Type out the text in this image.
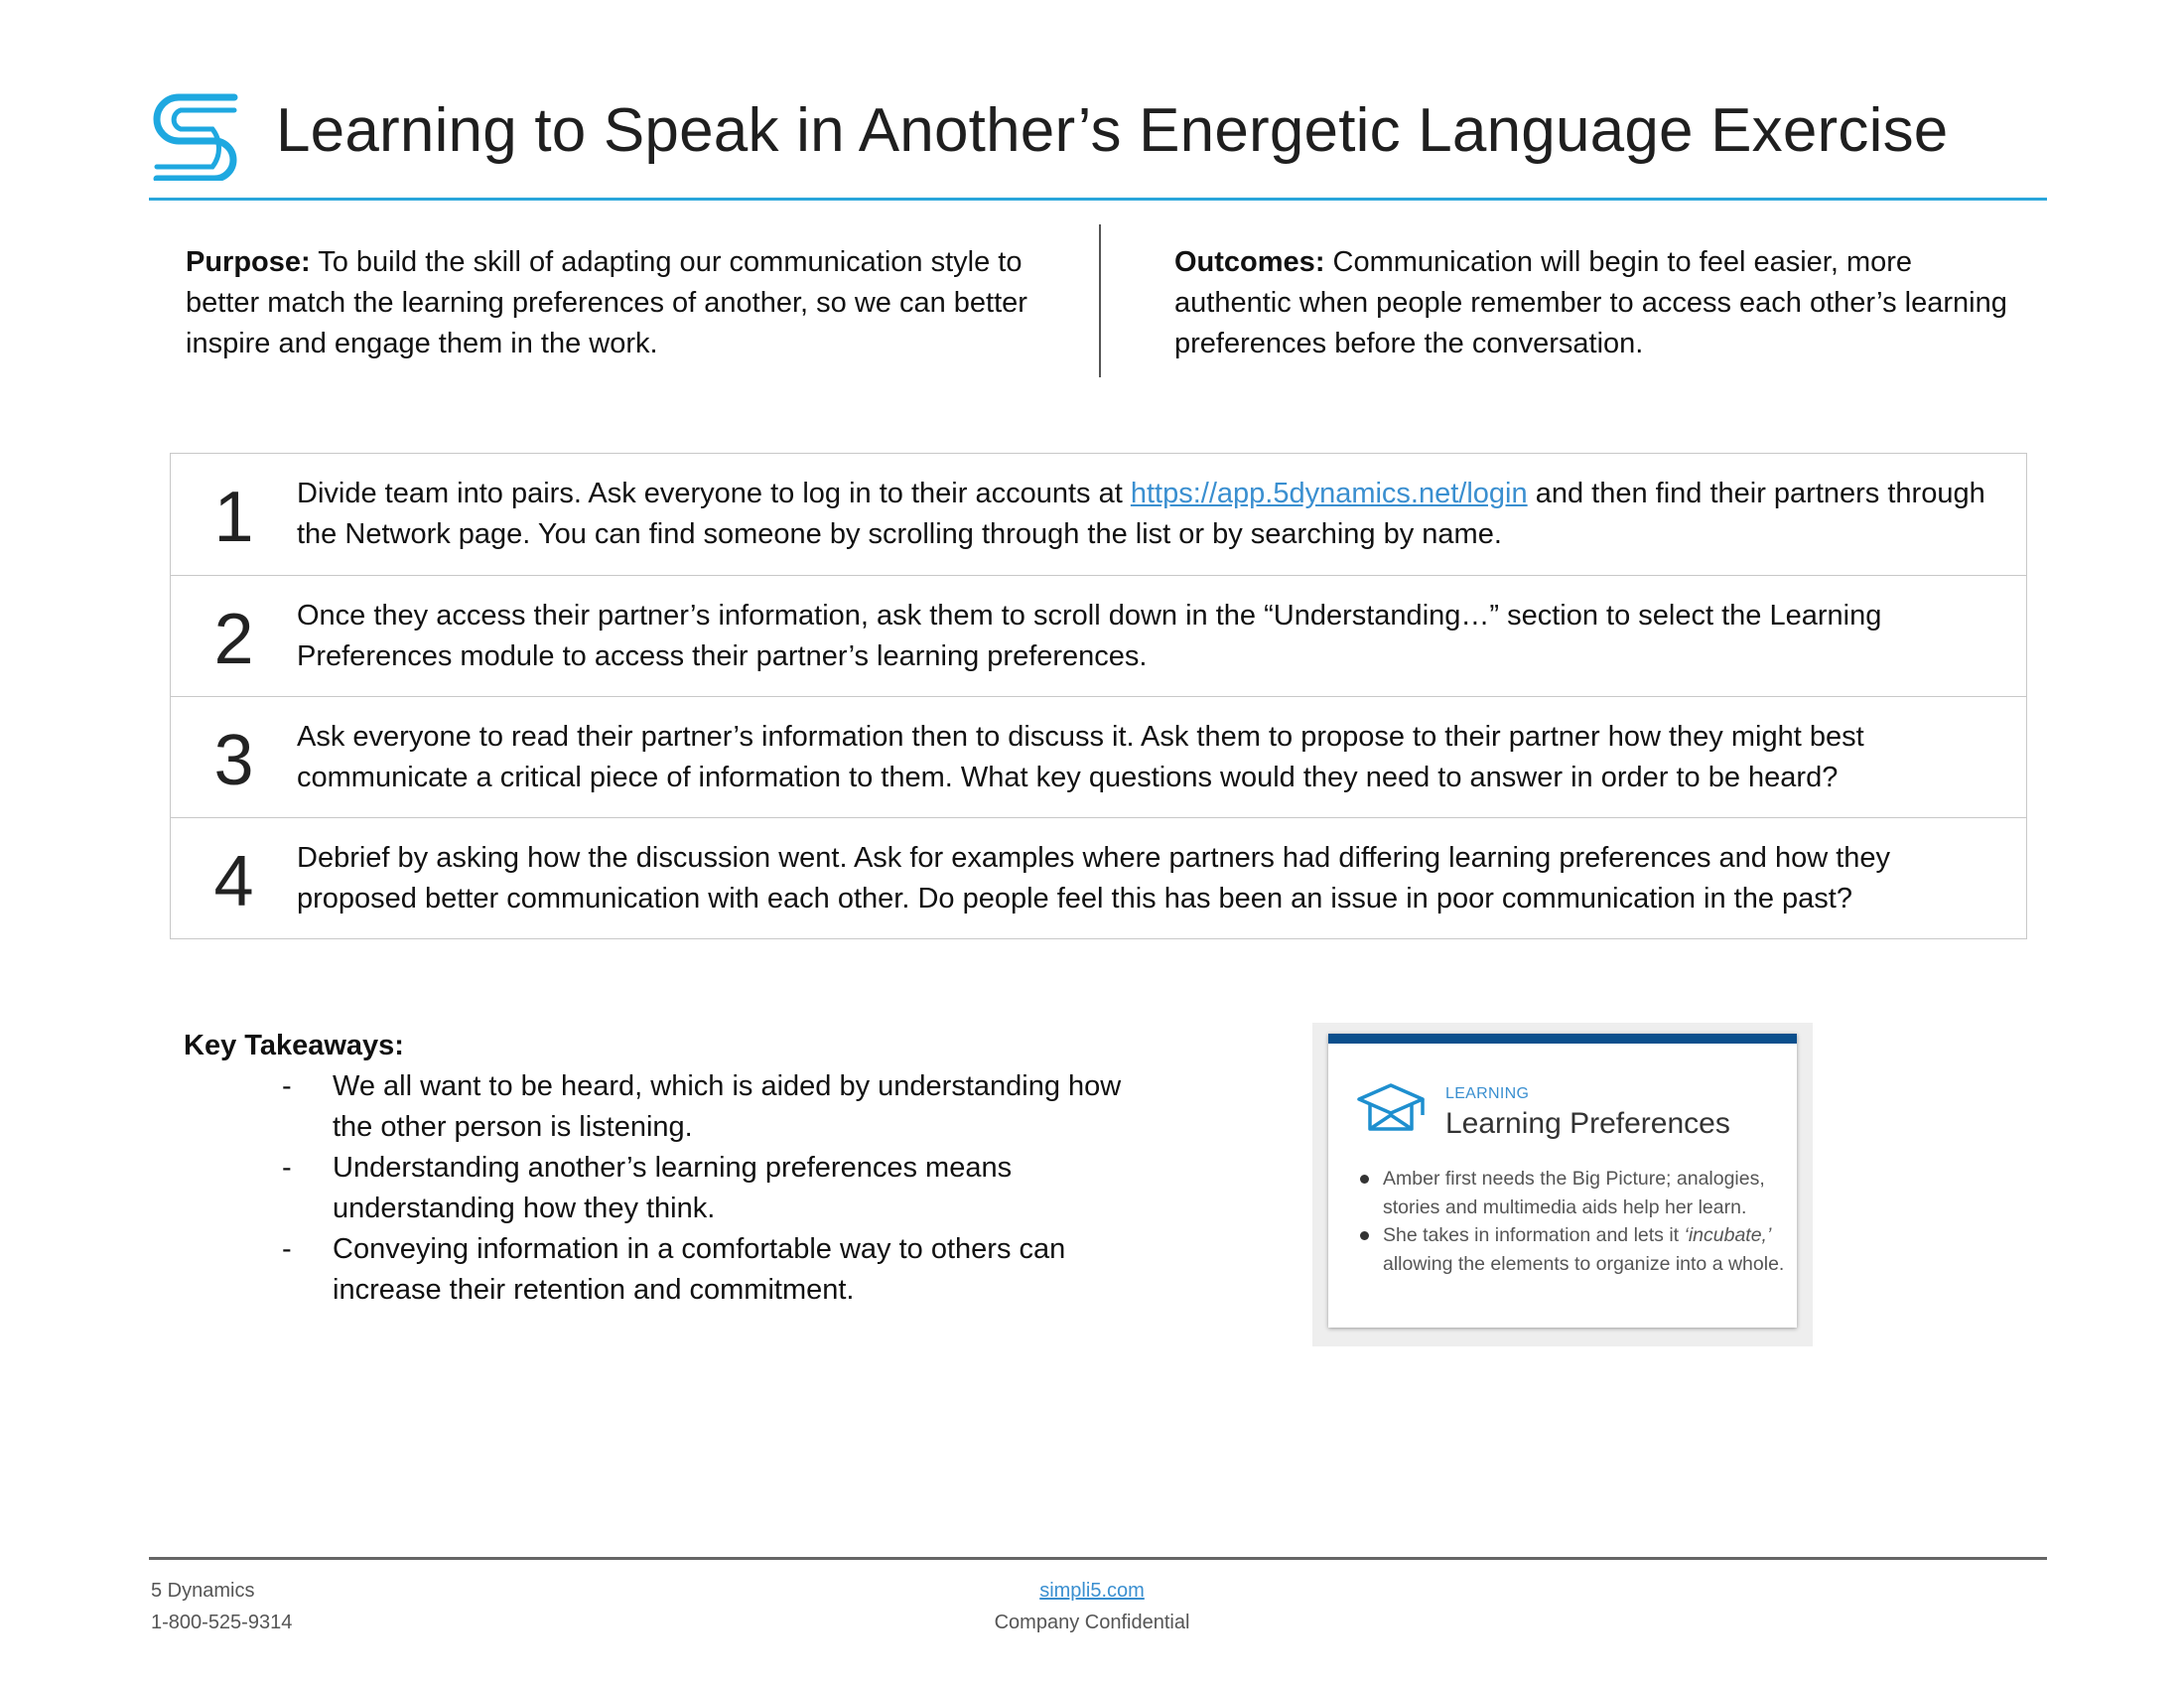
Learning to Speak in Another’s Energetic Language Exercise
Purpose: To build the skill of adapting our communication style to better match the learning preferences of another, so we can better inspire and engage them in the work.
Outcomes: Communication will begin to feel easier, more authentic when people remember to access each other’s learning preferences before the conversation.
1	Divide team into pairs. Ask everyone to log in to their accounts at https://app.5dynamics.net/login and then find their partners through the Network page. You can find someone by scrolling through the list or by searching by name.
2	Once they access their partner’s information, ask them to scroll down in the “Understanding…” section to select the Learning Preferences module to access their partner’s learning preferences.
3	Ask everyone to read their partner’s information then to discuss it. Ask them to propose to their partner how they might best communicate a critical piece of information to them. What key questions would they need to answer in order to be heard?
4	Debrief by asking how the discussion went. Ask for examples where partners had differing learning preferences and how they proposed better communication with each other. Do people feel this has been an issue in poor communication in the past?
Key Takeaways:
- We all want to be heard, which is aided by understanding how the other person is listening.
- Understanding another’s learning preferences means understanding how they think.
- Conveying information in a comfortable way to others can increase their retention and commitment.
LEARNING
Learning Preferences
Amber first needs the Big Picture; analogies, stories and multimedia aids help her learn.
She takes in information and lets it ‘incubate,’ allowing the elements to organize into a whole.
5 Dynamics
1-800-525-9314
simpli5.com
Company Confidential
